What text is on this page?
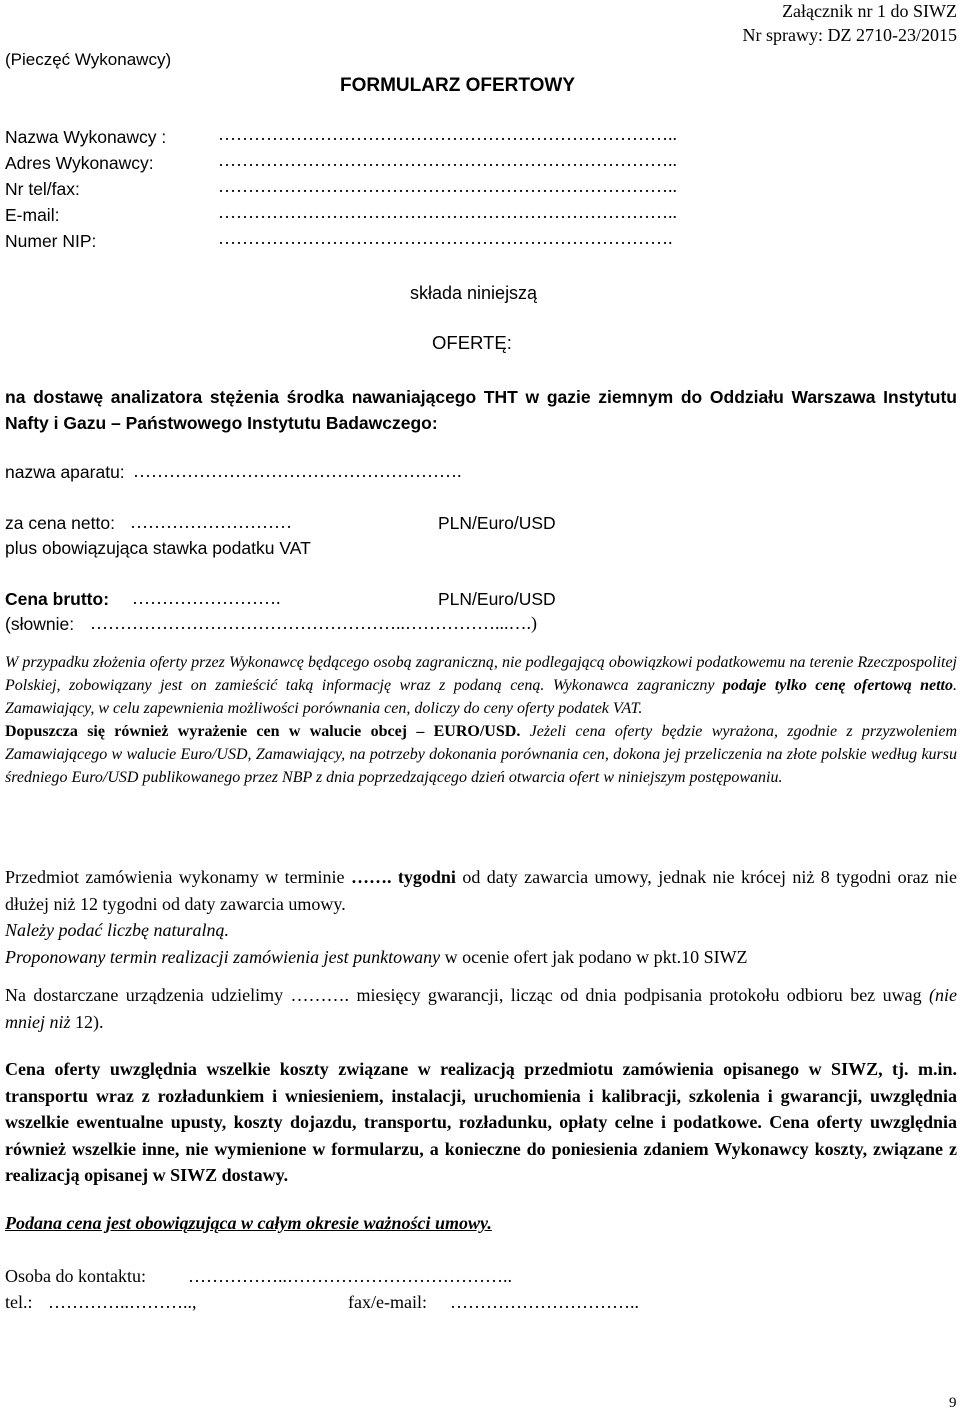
(Pieczęć Wykonawcy)
Załącznik nr 1 do SIWZ
Nr sprawy: DZ 2710-23/2015
FORMULARZ OFERTOWY
Nazwa Wykonawcy :	…………………………………………………………………..
Adres Wykonawcy:	…………………………………………………………………..
Nr tel/fax:	…………………………………………………………………..
E-mail:	…………………………………………………………………..
Numer NIP:	………………………………………………………………….
składa niniejszą
OFERTĘ:
na dostawę analizatora stężenia środka nawaniającego THT w gazie ziemnym do Oddziału Warszawa Instytutu Nafty i Gazu – Państwowego Instytutu Badawczego:
nazwa aparatu: ……………………………………………….
za cena netto: ………………………	PLN/Euro/USD
plus obowiązująca stawka podatku VAT
Cena brutto: …………………….	PLN/Euro/USD
(słownie: ……………………………………………..……………...….)
W przypadku złożenia oferty przez Wykonawcę będącego osobą zagraniczną, nie podlegającą obowiązkowi podatkowemu na terenie Rzeczpospolitej Polskiej, zobowiązany jest on zamieścić taką informację wraz z podaną ceną. Wykonawca zagraniczny podaje tylko cenę ofertową netto. Zamawiający, w celu zapewnienia możliwości porównania cen, doliczy do ceny oferty podatek VAT.
Dopuszcza się również wyrażenie cen w walucie obcej – EURO/USD. Jeżeli cena oferty będzie wyrażona, zgodnie z przyzwoleniem Zamawiającego w walucie Euro/USD, Zamawiający, na potrzeby dokonania porównania cen, dokona jej przeliczenia na złote polskie według kursu średniego Euro/USD publikowanego przez NBP z dnia poprzedzającego dzień otwarcia ofert w niniejszym postępowaniu.
Przedmiot zamówienia wykonamy w terminie ……. tygodni od daty zawarcia umowy, jednak nie krócej niż 8 tygodni oraz nie dłużej niż 12 tygodni od daty zawarcia umowy.
Należy podać liczbę naturalną.
Proponowany termin realizacji zamówienia jest punktowany w ocenie ofert jak podano w pkt.10 SIWZ
Na dostarczane urządzenia udzielimy ………. miesięcy gwarancji, licząc od dnia podpisania protokołu odbioru bez uwag (nie mniej niż 12).
Cena oferty uwzględnia wszelkie koszty związane w realizacją przedmiotu zamówienia opisanego w SIWZ, tj. m.in. transportu wraz z rozładunkiem i wniesieniem, instalacji, uruchomienia i kalibracji, szkolenia i gwarancji, uwzględnia wszelkie ewentualne upusty, koszty dojazdu, transportu, rozładunku, opłaty celne i podatkowe. Cena oferty uwzględnia również wszelkie inne, nie wymienione w formularzu, a konieczne do poniesienia zdaniem Wykonawcy koszty, związane z realizacją opisanej w SIWZ dostawy.
Podana cena jest obowiązująca w całym okresie ważności umowy.
Osoba do kontaktu: ……………..………………………………..
tel.: …………..………..,	fax/e-mail: …………………………..
9
